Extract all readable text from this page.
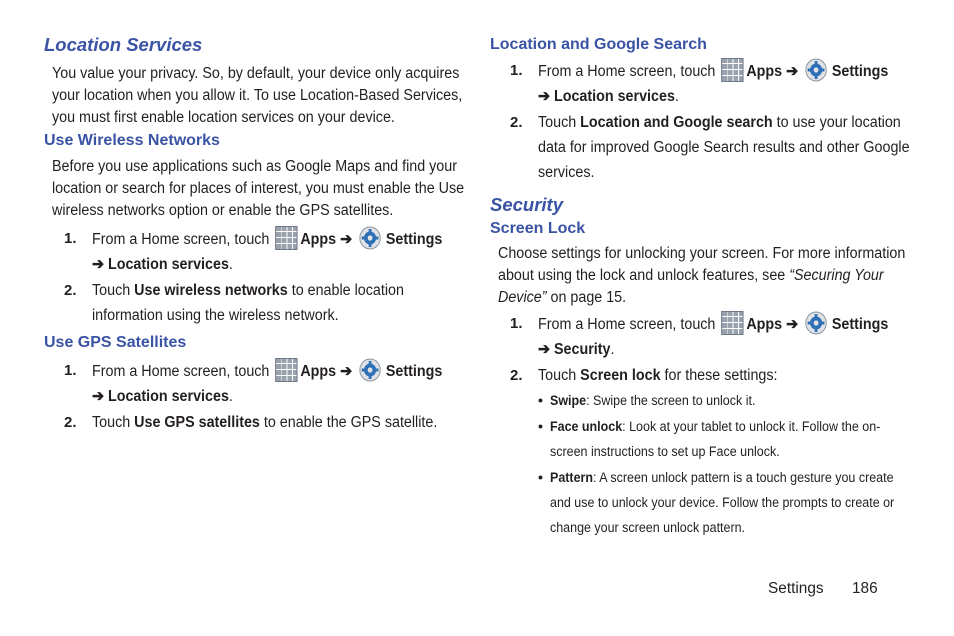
Location Services

You value your privacy. So, by default, your device only acquires your location when you allow it. To use Location-Based Services, you must first enable location services on your device.

Use Wireless Networks

Before you use applications such as Google Maps and find your location or search for places of interest, you must enable the Use wireless networks option or enable the GPS satellites.

1. From a Home screen, touch Apps ➔ Settings
➔ Location services.
2. Touch Use wireless networks to enable location information using the wireless network.
Use GPS Satellites
1. From a Home screen, touch Apps ➔ Settings
➔ Location services.
2. Touch Use GPS satellites to enable the GPS satellite.
Location and Google Search
1. From a Home screen, touch Apps ➔ Settings
➔ Location services.
2. Touch Location and Google search to use your location data for improved Google Search results and other Google services.
Security
Screen Lock

Choose settings for unlocking your screen. For more information about using the lock and unlock features, see “Securing Your Device” on page 15.

1. From a Home screen, touch Apps ➔ Settings
➔ Security.
2. Touch Screen lock for these settings:
• Swipe: Swipe the screen to unlock it.
• Face unlock: Look at your tablet to unlock it. Follow the on-screen instructions to set up Face unlock.
• Pattern: A screen unlock pattern is a touch gesture you create and use to unlock your device. Follow the prompts to create or change your screen unlock pattern.
Settings 186
